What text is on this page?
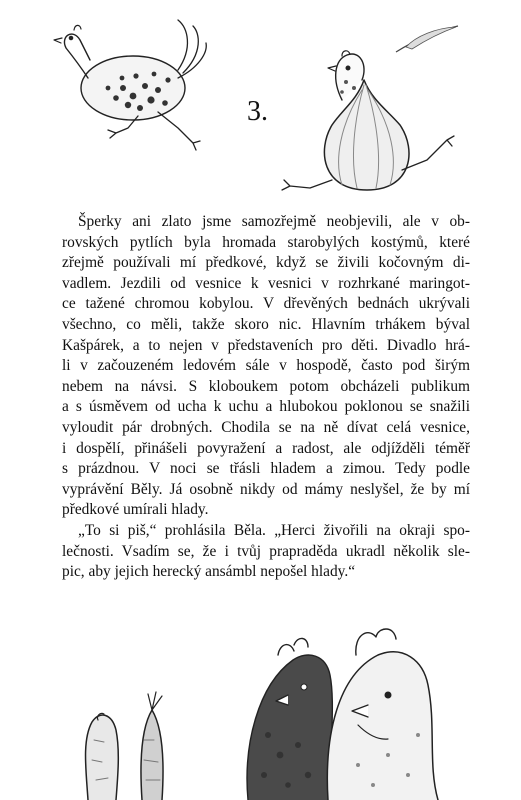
3.

Šperky ani zlato jsme samozřejmě neobjevili, ale v ob-
rovských pytlích byla hromada starobylých kostýmů, které
zřejmě používali mí předkové, když se živili kočovným di-
vadlem. Jezdili od vesnice k vesnici v rozhrkané maringot-
ce tažené chromou kobylou. V dřevěných bednách ukrývali
všechno, co měli, takže skoro nic. Hlavním trhákem býval
Kašpárek, a to nejen v představeních pro děti. Divadlo hrá-
li v začouzeném ledovém sále v hospodě, často pod širým
nebem na návsi. S kloboukem potom obcházeli publikum
a s úsměvem od ucha k uchu a hlubokou poklonou se snažili
vyloudit pár drobných. Chodila se na ně dívat celá vesnice,
i dospělí, přinášeli povyražení a radost, ale odjížděli téměř
s prázdnou. V noci se třásli hladem a zimou. Tedy podle
vyprávění Běly. Já osobně nikdy od mámy neslyšel, že by mí
předkové umírali hlady.

„To si piš,“ prohlásila Běla. „Herci živořili na okraji spo-
lečnosti. Vsadím se, že i tvůj prapraděda ukradl několik sle-
pic, aby jejich herecký ansámbl nepošel hlady.“
